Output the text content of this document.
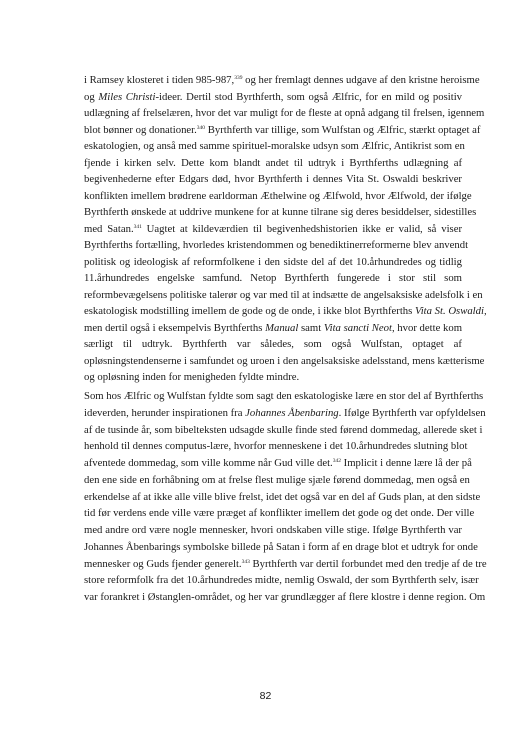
i Ramsey klosteret i tiden 985-987,$^{339}$ og her fremlagt dennes udgave af den kristne heroisme
og Miles Christi-ideer. Dertil stod Byrthferth, som også Ælfric, for en mild og positiv
udlægning af frelselæren, hvor det var muligt for de fleste at opnå adgang til frelsen, igennem
blot bønner og donationer.$^{340}$ Byrthferth var tillige, som Wulfstan og Ælfric, stærkt optaget af
eskatologien, og anså med samme spirituel-moralske udsyn som Ælfric, Antikrist som en
fjende i kirken selv. Dette kom blandt andet til udtryk i Byrthferths udlægning af
begivenhederne efter Edgars død, hvor Byrthferth i dennes Vita St. Oswaldi beskriver
konflikten imellem brødrene earldorman Æthelwine og Ælfwold, hvor Ælfwold, der ifølge
Byrthferth ønskede at uddrive munkene for at kunne tilrane sig deres besiddelser, sidestilles
med Satan.$^{341}$ Uagtet at kildeværdien til begivenhedshistorien ikke er valid, så viser
Byrthferths fortælling, hvorledes kristendommen og benediktinerreformerne blev anvendt
politisk og ideologisk af reformfolkene i den sidste del af det 10.århundredes og tidlig
11.århundredes engelske samfund. Netop Byrthferth fungerede i stor stil som
reformbevægelsens politiske talerør og var med til at indsætte de angelsaksiske adelsfolk i en
eskatologisk modstilling imellem de gode og de onde, i ikke blot Byrthferths Vita St. Oswaldi,
men dertil også i eksempelvis Byrthferths Manual samt Vita sancti Neot, hvor dette kom
særligt til udtryk. Byrthferth var således, som også Wulfstan, optaget af
opløsningstendenserne i samfundet og uroen i den angelsaksiske adelsstand, mens kætterisme
og opløsning inden for menigheden fyldte mindre.
Som hos Ælfric og Wulfstan fyldte som sagt den eskatologiske lære en stor del af Byrthferths
ideverden, herunder inspirationen fra Johannes Åbenbaring. Ifølge Byrthferth var opfyldelsen
af de tusinde år, som bibelteksten udsagde skulle finde sted førend dommedag, allerede sket i
henhold til dennes computus-lære, hvorfor menneskene i det 10.århundredes slutning blot
afventede dommedag, som ville komme når Gud ville det.$^{342}$ Implicit i denne lære lå der på
den ene side en forhåbning om at frelse flest mulige sjæle førend dommedag, men også en
erkendelse af at ikke alle ville blive frelst, idet det også var en del af Guds plan, at den sidste
tid før verdens ende ville være præget af konflikter imellem det gode og det onde. Der ville
med andre ord være nogle mennesker, hvori ondskaben ville stige. Ifølge Byrthferth var
Johannes Åbenbarings symbolske billede på Satan i form af en drage blot et udtryk for onde
mennesker og Guds fjender generelt.$^{343}$ Byrthferth var dertil forbundet med den tredje af de tre
store reformfolk fra det 10.århundredes midte, nemlig Oswald, der som Byrthferth selv, især
var forankret i Østanglen-området, og her var grundlægger af flere klostre i denne region. Om
82
